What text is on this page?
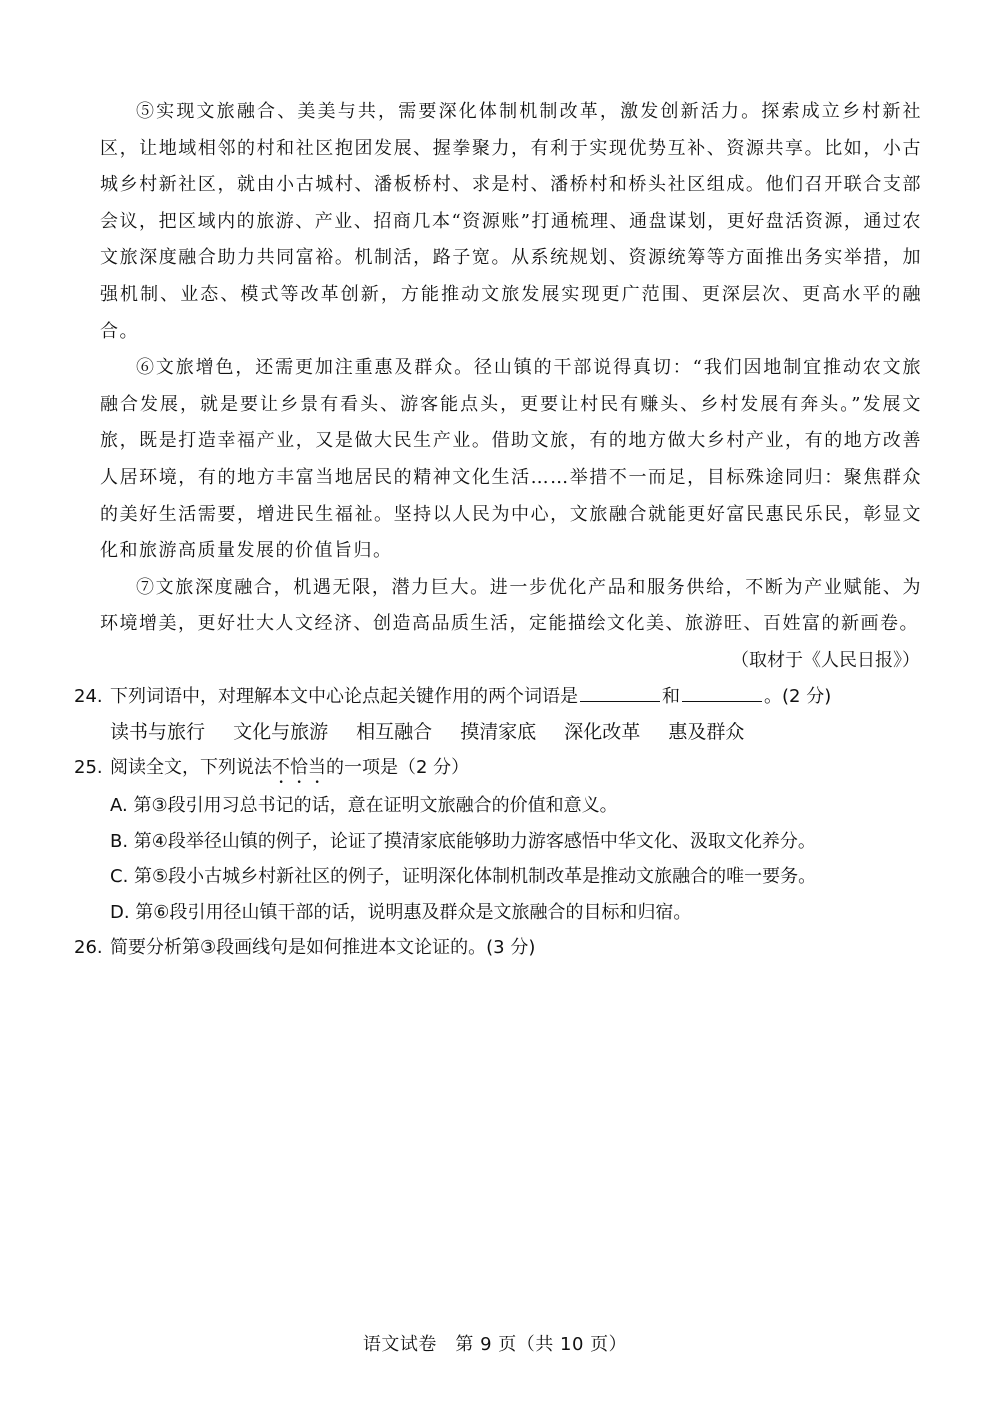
⑤实现文旅融合、美美与共，需要深化体制机制改革，激发创新活力。探索成立乡村新社区，让地域相邻的村和社区抱团发展、握拳聚力，有利于实现优势互补、资源共享。比如，小古城乡村新社区，就由小古城村、潘板桥村、求是村、潘桥村和桥头社区组成。他们召开联合支部会议，把区域内的旅游、产业、招商几本“资源账”打通梳理、通盘谋划，更好盘活资源，通过农文旅深度融合助力共同富裕。机制活，路子宽。从系统规划、资源统筹等方面推出务实举措，加强机制、业态、模式等改革创新，方能推动文旅发展实现更广范围、更深层次、更高水平的融合。

⑥文旅增色，还需更加注重惠及群众。径山镇的干部说得真切：“我们因地制宜推动农文旅融合发展，就是要让乡景有看头、游客能点头，更要让村民有赚头、乡村发展有奔头。”发展文旅，既是打造幸福产业，又是做大民生产业。借助文旅，有的地方做大乡村产业，有的地方改善人居环境，有的地方丰富当地居民的精神文化生活……举措不一而足，目标殊途同归：聚焦群众的美好生活需要，增进民生福祉。坚持以人民为中心，文旅融合就能更好富民惠民乐民，彰显文化和旅游高质量发展的价值旨归。

⑦文旅深度融合，机遇无限，潜力巨大。进一步优化产品和服务供给，不断为产业赋能、为环境增美，更好壮大人文经济、创造高品质生活，定能描绘文化美、旅游旺、百姓富的新画卷。

（取材于《人民日报》）

24. 下列词语中，对理解本文中心论点起关键作用的两个词语是	和	。(2 分)

读书与旅行 文化与旅游 相互融合 摸清家底 深化改革 惠及群众

25. 阅读全文，下列说法不恰当的一项是（2 分）

A. 第③段引用习总书记的话，意在证明文旅融合的价值和意义。

B. 第④段举径山镇的例子，论证了摸清家底能够助力游客感悟中华文化、汲取文化养分。

C. 第⑤段小古城乡村新社区的例子，证明深化体制机制改革是推动文旅融合的唯一要务。

D. 第⑥段引用径山镇干部的话，说明惠及群众是文旅融合的目标和归宿。

26. 简要分析第③段画线句是如何推进本文论证的。(3 分)

语文试卷　第 9 页（共 10 页）
